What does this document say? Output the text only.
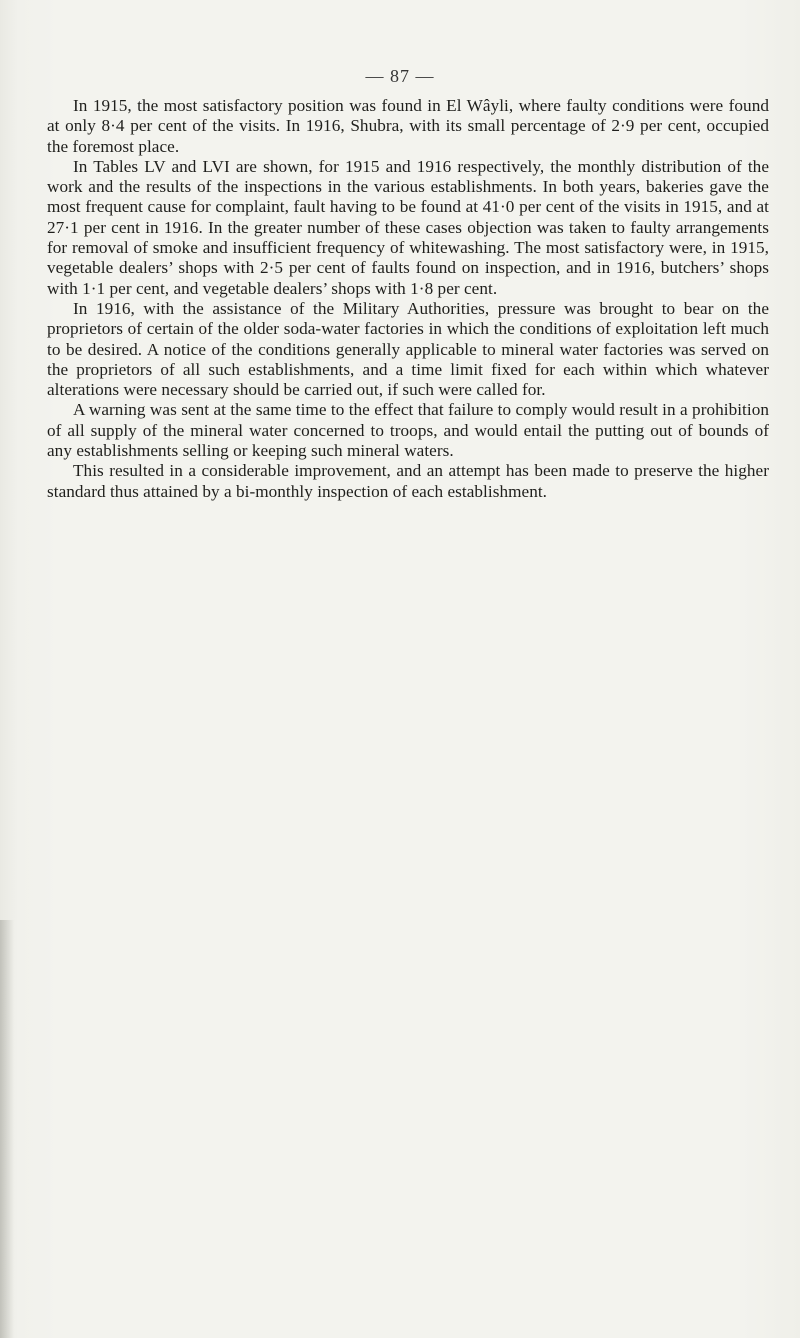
— 87 —

In 1915, the most satisfactory position was found in El Wâyli, where faulty conditions were found at only 8·4 per cent of the visits. In 1916, Shubra, with its small percentage of 2·9 per cent, occupied the foremost place.

In Tables LV and LVI are shown, for 1915 and 1916 respectively, the monthly distribution of the work and the results of the inspections in the various establishments. In both years, bakeries gave the most frequent cause for complaint, fault having to be found at 41·0 per cent of the visits in 1915, and at 27·1 per cent in 1916. In the greater number of these cases objection was taken to faulty arrangements for removal of smoke and insufficient frequency of whitewashing. The most satisfactory were, in 1915, vegetable dealers’ shops with 2·5 per cent of faults found on inspection, and in 1916, butchers’ shops with 1·1 per cent, and vegetable dealers’ shops with 1·8 per cent.

In 1916, with the assistance of the Military Authorities, pressure was brought to bear on the proprietors of certain of the older soda-water factories in which the conditions of exploitation left much to be desired. A notice of the conditions generally applicable to mineral water factories was served on the proprietors of all such establishments, and a time limit fixed for each within which whatever alterations were necessary should be carried out, if such were called for.

A warning was sent at the same time to the effect that failure to comply would result in a prohibition of all supply of the mineral water concerned to troops, and would entail the putting out of bounds of any establishments selling or keeping such mineral waters.

This resulted in a considerable improvement, and an attempt has been made to preserve the higher standard thus attained by a bi-monthly inspection of each establishment.
